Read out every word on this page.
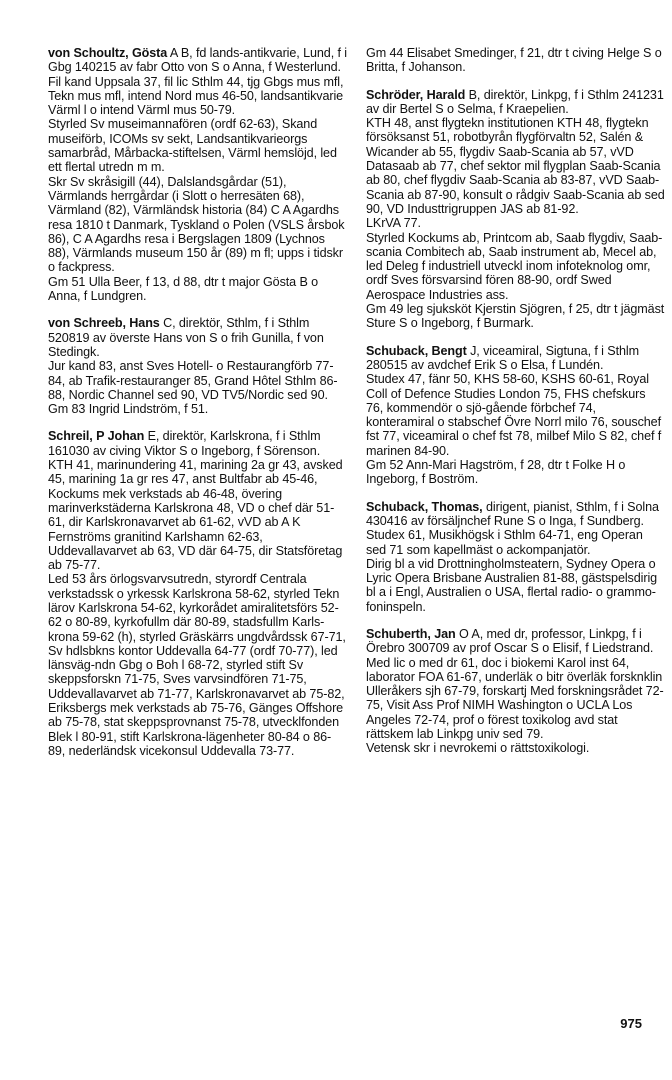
von Schoultz, Gösta A B, fd lands-antikvarie, Lund, f i Gbg 140215 av fabr Otto von S o Anna, f Westerlund.
Fil kand Uppsala 37, fil lic Sthlm 44, tjg Gbgs mus mfl, Tekn mus mfl, intend Nord mus 46-50, landsantikvarie Värml l o intend Värml mus 50-79.
Styrled Sv museimannafören (ordf 62-63), Skand museiförb, ICOMs sv sekt, Landsantikvarieorgs samarbråd, Mårbacka-stiftelsen, Värml hemslöjd, led ett flertal utredn m m.
Skr Sv skråsigill (44), Dalslandsgårdar (51), Värmlands herrgårdar (i Slott o herresäten 68), Värmland (82), Värmländsk historia (84) C A Agardhs resa 1810 t Danmark, Tyskland o Polen (VSLS årsbok 86), C A Agardhs resa i Bergslagen 1809 (Lychnos 88), Värmlands museum 150 år (89) m fl; upps i tidskr o fackpress.
Gm 51 Ulla Beer, f 13, d 88, dtr t major Gösta B o Anna, f Lundgren.
von Schreeb, Hans C, direktör, Sthlm, f i Sthlm 520819 av överste Hans von S o frih Gunilla, f von Stedingk.
Jur kand 83, anst Sves Hotell- o Restaurangförb 77-84, ab Trafik-restauranger 85, Grand Hôtel Sthlm 86-88, Nordic Channel sed 90, VD TV5/Nordic sed 90.
Gm 83 Ingrid Lindström, f 51.
Schreil, P Johan E, direktör, Karlskrona, f i Sthlm 161030 av civing Viktor S o Ingeborg, f Sörenson.
KTH 41, marinundering 41, marining 2a gr 43, avsked 45, marining 1a gr res 47, anst Bultfabr ab 45-46, Kockums mek verkstads ab 46-48, övering marinverkstäderna Karlskrona 48, VD o chef där 51-61, dir Karlskronavarvet ab 61-62, vVD ab A K Fernströms granitind Karlshamn 62-63, Uddevallavarvet ab 63, VD där 64-75, dir Statsföretag ab 75-77.
Led 53 års örlogsvarvsutredn, styrordf Centrala verkstadssk o yrkessk Karlskrona 58-62, styrled Tekn lärov Karlskrona 54-62, kyrkorådet amiralitetsförs 52-62 o 80-89, kyrkofullm där 80-89, stadsfullm Karls-krona 59-62 (h), styrled Gräskärrs ungdvårdssk 67-71, Sv hdlsbkns kontor Uddevalla 64-77 (ordf 70-77), led länsväg-ndn Gbg o Boh l 68-72, styrled stift Sv skeppsforskn 71-75, Sves varvsindfören 71-75, Uddevallavarvet ab 71-77, Karlskronavarvet ab 75-82, Eriksbergs mek verkstads ab 75-76, Gänges Offshore ab 75-78, stat skeppsprovnanst 75-78, utvecklfonden Blek l 80-91, stift Karlskrona-lägenheter 80-84 o 86-89, nederländsk vicekonsul Uddevalla 73-77.
Gm 44 Elisabet Smedinger, f 21, dtr t civing Helge S o Britta, f Johanson.
Schröder, Harald B, direktör, Linkpg, f i Sthlm 241231 av dir Bertel S o Selma, f Kraepelien.
KTH 48, anst flygtekn institutionen KTH 48, flygtekn försöksanst 51, robotbyrån flygförvaltn 52, Salén & Wicander ab 55, flygdiv Saab-Scania ab 57, vVD Datasaab ab 77, chef sektor mil flygplan Saab-Scania ab 80, chef flygdiv Saab-Scania ab 83-87, vVD Saab-Scania ab 87-90, konsult o rådgiv Saab-Scania ab sed 90, VD Industtrigruppen JAS ab 81-92.
LKrVA 77.
Styrled Kockums ab, Printcom ab, Saab flygdiv, Saab-scania Combitech ab, Saab instrument ab, Mecel ab, led Deleg f industriell utveckl inom infoteknolog omr, ordf Sves försvarsind fören 88-90, ordf Swed Aerospace Industries ass.
Gm 49 leg sjuksköt Kjerstin Sjögren, f 25, dtr t jägmäst Sture S o Ingeborg, f Burmark.
Schuback, Bengt J, viceamiral, Sigtuna, f i Sthlm 280515 av avdchef Erik S o Elsa, f Lundén.
Studex 47, fänr 50, KHS 58-60, KSHS 60-61, Royal Coll of Defence Studies London 75, FHS chefskurs 76, kommendör o sjö-gående förbchef 74, konteramiral o stabschef Övre Norrl milo 76, souschef fst 77, viceamiral o chef fst 78, milbef Milo S 82, chef f marinen 84-90.
Gm 52 Ann-Mari Hagström, f 28, dtr t Folke H o Ingeborg, f Boström.
Schuback, Thomas, dirigent, pianist, Sthlm, f i Solna 430416 av försäljnchef Rune S o Inga, f Sundberg.
Studex 61, Musikhögsk i Sthlm 64-71, eng Operan sed 71 som kapellmäst o ackompanjatör.
Dirig bl a vid Drottningholmsteatern, Sydney Opera o Lyric Opera Brisbane Australien 81-88, gästspelsdirig bl a i Engl, Australien o USA, flertal radio- o grammo-foninspeln.
Schuberth, Jan O A, med dr, professor, Linkpg, f i Örebro 300709 av prof Oscar S o Elisif, f Liedstrand.
Med lic o med dr 61, doc i biokemi Karol inst 64, laborator FOA 61-67, underläk o bitr överläk forsknklin Ulleråkers sjh 67-79, forskartj Med forskningsrådet 72-75, Visit Ass Prof NIMH Washington o UCLA Los Angeles 72-74, prof o förest toxikolog avd stat rättskem lab Linkpg univ sed 79.
Vetensk skr i nevrokemi o rättstoxikologi.
975
